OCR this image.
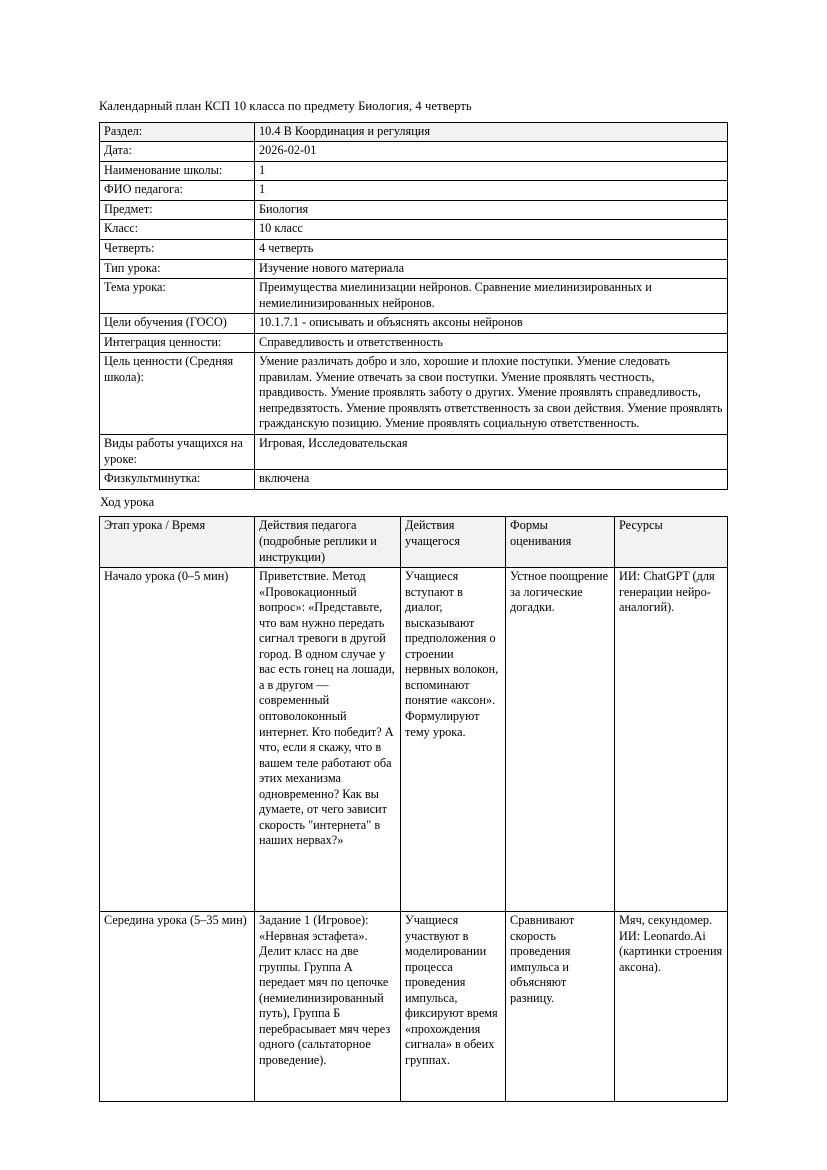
Календарный план КСП 10 класса по предмету Биология, 4 четверть
Раздел:	10.4 В Координация и регуляция
Дата:	2026-02-01
Наименование школы:	1
ФИО педагога:	1
Предмет:	Биология
Класс:	10 класс
Четверть:	4 четверть
Тип урока:	Изучение нового материала
Тема урока:	Преимущества миелинизации нейронов. Сравнение миелинизированных и немиелинизированных нейронов.
Цели обучения (ГОСО)	10.1.7.1 - описывать и объяснять аксоны нейронов
Интеграция ценности:	Справедливость и ответственность
Цель ценности (Средняя школа):	Умение различать добро и зло, хорошие и плохие поступки. Умение следовать правилам. Умение отвечать за свои поступки. Умение проявлять честность, правдивость. Умение проявлять заботу о других. Умение проявлять справедливость, непредвзятость. Умение проявлять ответственность за свои действия. Умение проявлять гражданскую позицию. Умение проявлять социальную ответственность.
Виды работы учащихся на уроке:	Игровая, Исследовательская
Физкультминутка:	включена
Ход урока
Этап урока / Время	Действия педагога (подробные реплики и инструкции)	Действия учащегося	Формы оценивания	Ресурсы
Начало урока (0–5 мин)	Приветствие. Метод «Провокационный вопрос»: «Представьте, что вам нужно передать сигнал тревоги в другой город. В одном случае у вас есть гонец на лошади, а в другом — современный оптоволоконный интернет. Кто победит? А что, если я скажу, что в вашем теле работают оба этих механизма одновременно? Как вы думаете, от чего зависит скорость "интернета" в наших нервах?»	Учащиеся вступают в диалог, высказывают предположения о строении нервных волокон, вспоминают понятие «аксон». Формулируют тему урока.	Устное поощрение за логические догадки.	ИИ: ChatGPT (для генерации нейро-аналогий).
Середина урока (5–35 мин)	Задание 1 (Игровое): «Нервная эстафета». Делит класс на две группы. Группа А передает мяч по цепочке (немиелинизированный путь), Группа Б перебрасывает мяч через одного (сальтаторное проведение).	Учащиеся участвуют в моделировании процесса проведения импульса, фиксируют время «прохождения сигнала» в обеих группах.	Сравнивают скорость проведения импульса и объясняют разницу.	Мяч, секундомер. ИИ: Leonardo.Ai (картинки строения аксона).
